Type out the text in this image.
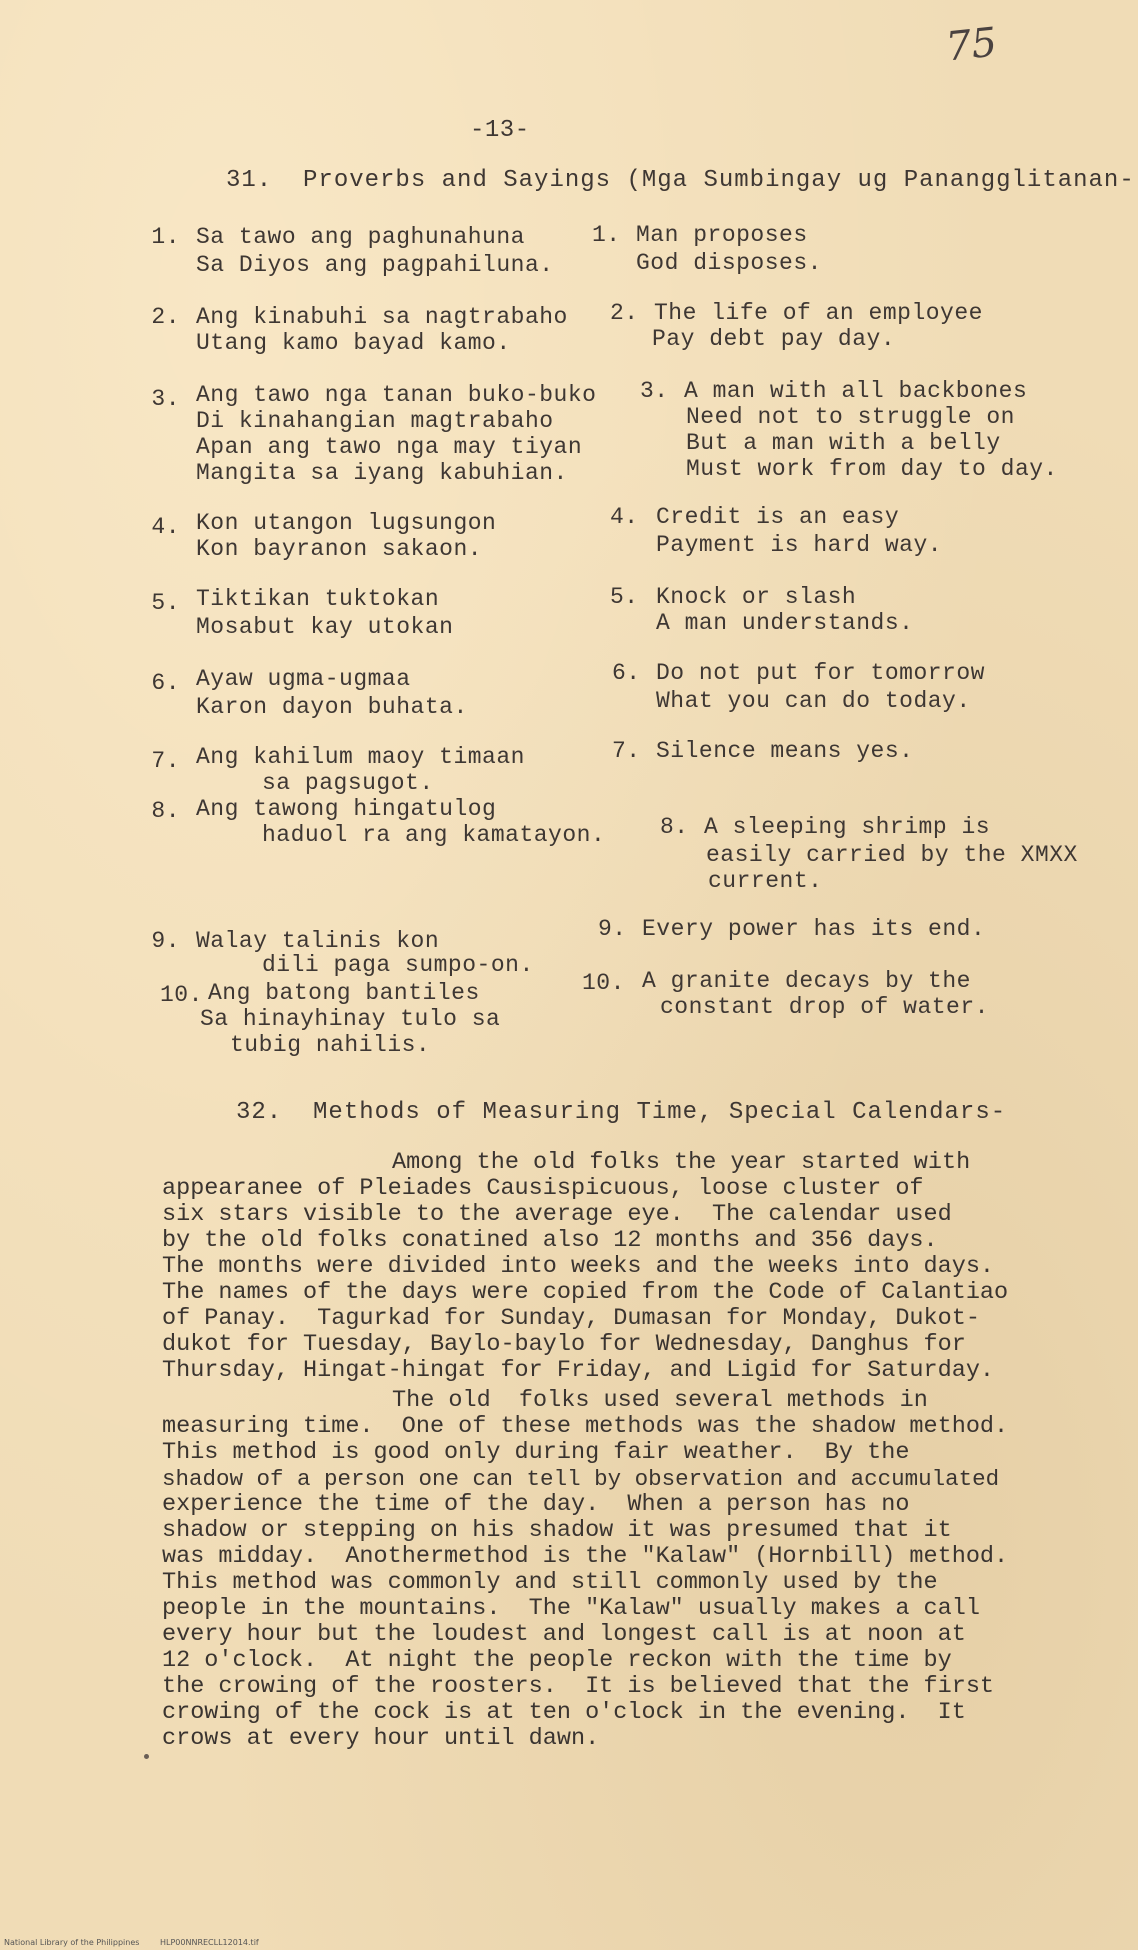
75
-13-
31.  Proverbs and Sayings (Mga Sumbingay ug Panangglitanan-
1. Sa tawo ang paghunahuna
Sa Diyos ang pagpahiluna.
1. Man proposes
God disposes.
2. Ang kinabuhi sa nagtrabaho
Utang kamo bayad kamo.
2. The life of an employee
Pay debt pay day.
3. Ang tawo nga tanan buko-buko
Di kinahangian magtrabaho
Apan ang tawo nga may tiyan
Mangita sa iyang kabuhian.
3. A man with all backbones
Need not to struggle on
But a man with a belly
Must work from day to day.
4. Kon utangon lugsungon
Kon bayranon sakaon.
4. Credit is an easy
Payment is hard way.
5. Tiktikan tuktokan
Mosabut kay utokan
5. Knock or slash
A man understands.
6. Ayaw ugma-ugmaa
Karon dayon buhata.
6. Do not put for tomorrow
What you can do today.
7. Ang kahilum maoy timaan
sa pagsugot.
7. Silence means yes.
8. Ang tawong hingatulog
haduol ra ang kamatayon. 8. A sleeping shrimp is
easily carried by the XMXX
current.
9. Walay talinis kon
dili paga sumpo-on.
9. Every power has its end.
10. Ang batong bantiles
Sa hinayhinay tulo sa
tubig nahilis.
10. A granite decays by the
constant drop of water.
32.  Methods of Measuring Time, Special Calendars-
Among the old folks the year started with
appearanee of Pleiades Causispicuous, loose cluster of
six stars visible to the average eye.  The calendar used
by the old folks conatined also 12 months and 356 days.
The months were divided into weeks and the weeks into days.
The names of the days were copied from the Code of Calantiao
of Panay.  Tagurkad for Sunday, Dumasan for Monday, Dukot-
dukot for Tuesday, Baylo-baylo for Wednesday, Danghus for
Thursday, Hingat-hingat for Friday, and Ligid for Saturday.
The old  folks used several methods in
measuring time.  One of these methods was the shadow method.
This method is good only during fair weather.  By the
shadow of a person one can tell by observation and accumulated
experience the time of the day.  When a person has no
shadow or stepping on his shadow it was presumed that it
was midday.  Anothermethod is the "Kalaw" (Hornbill) method.
This method was commonly and still commonly used by the
people in the mountains.  The "Kalaw" usually makes a call
every hour but the loudest and longest call is at noon at
12 o'clock.  At night the people reckon with the time by
the crowing of the roosters.  It is believed that the first
crowing of the cock is at ten o'clock in the evening.  It
crows at every hour until dawn.
National Library of the Philippines	HLP00NNRECLL12014.tif
